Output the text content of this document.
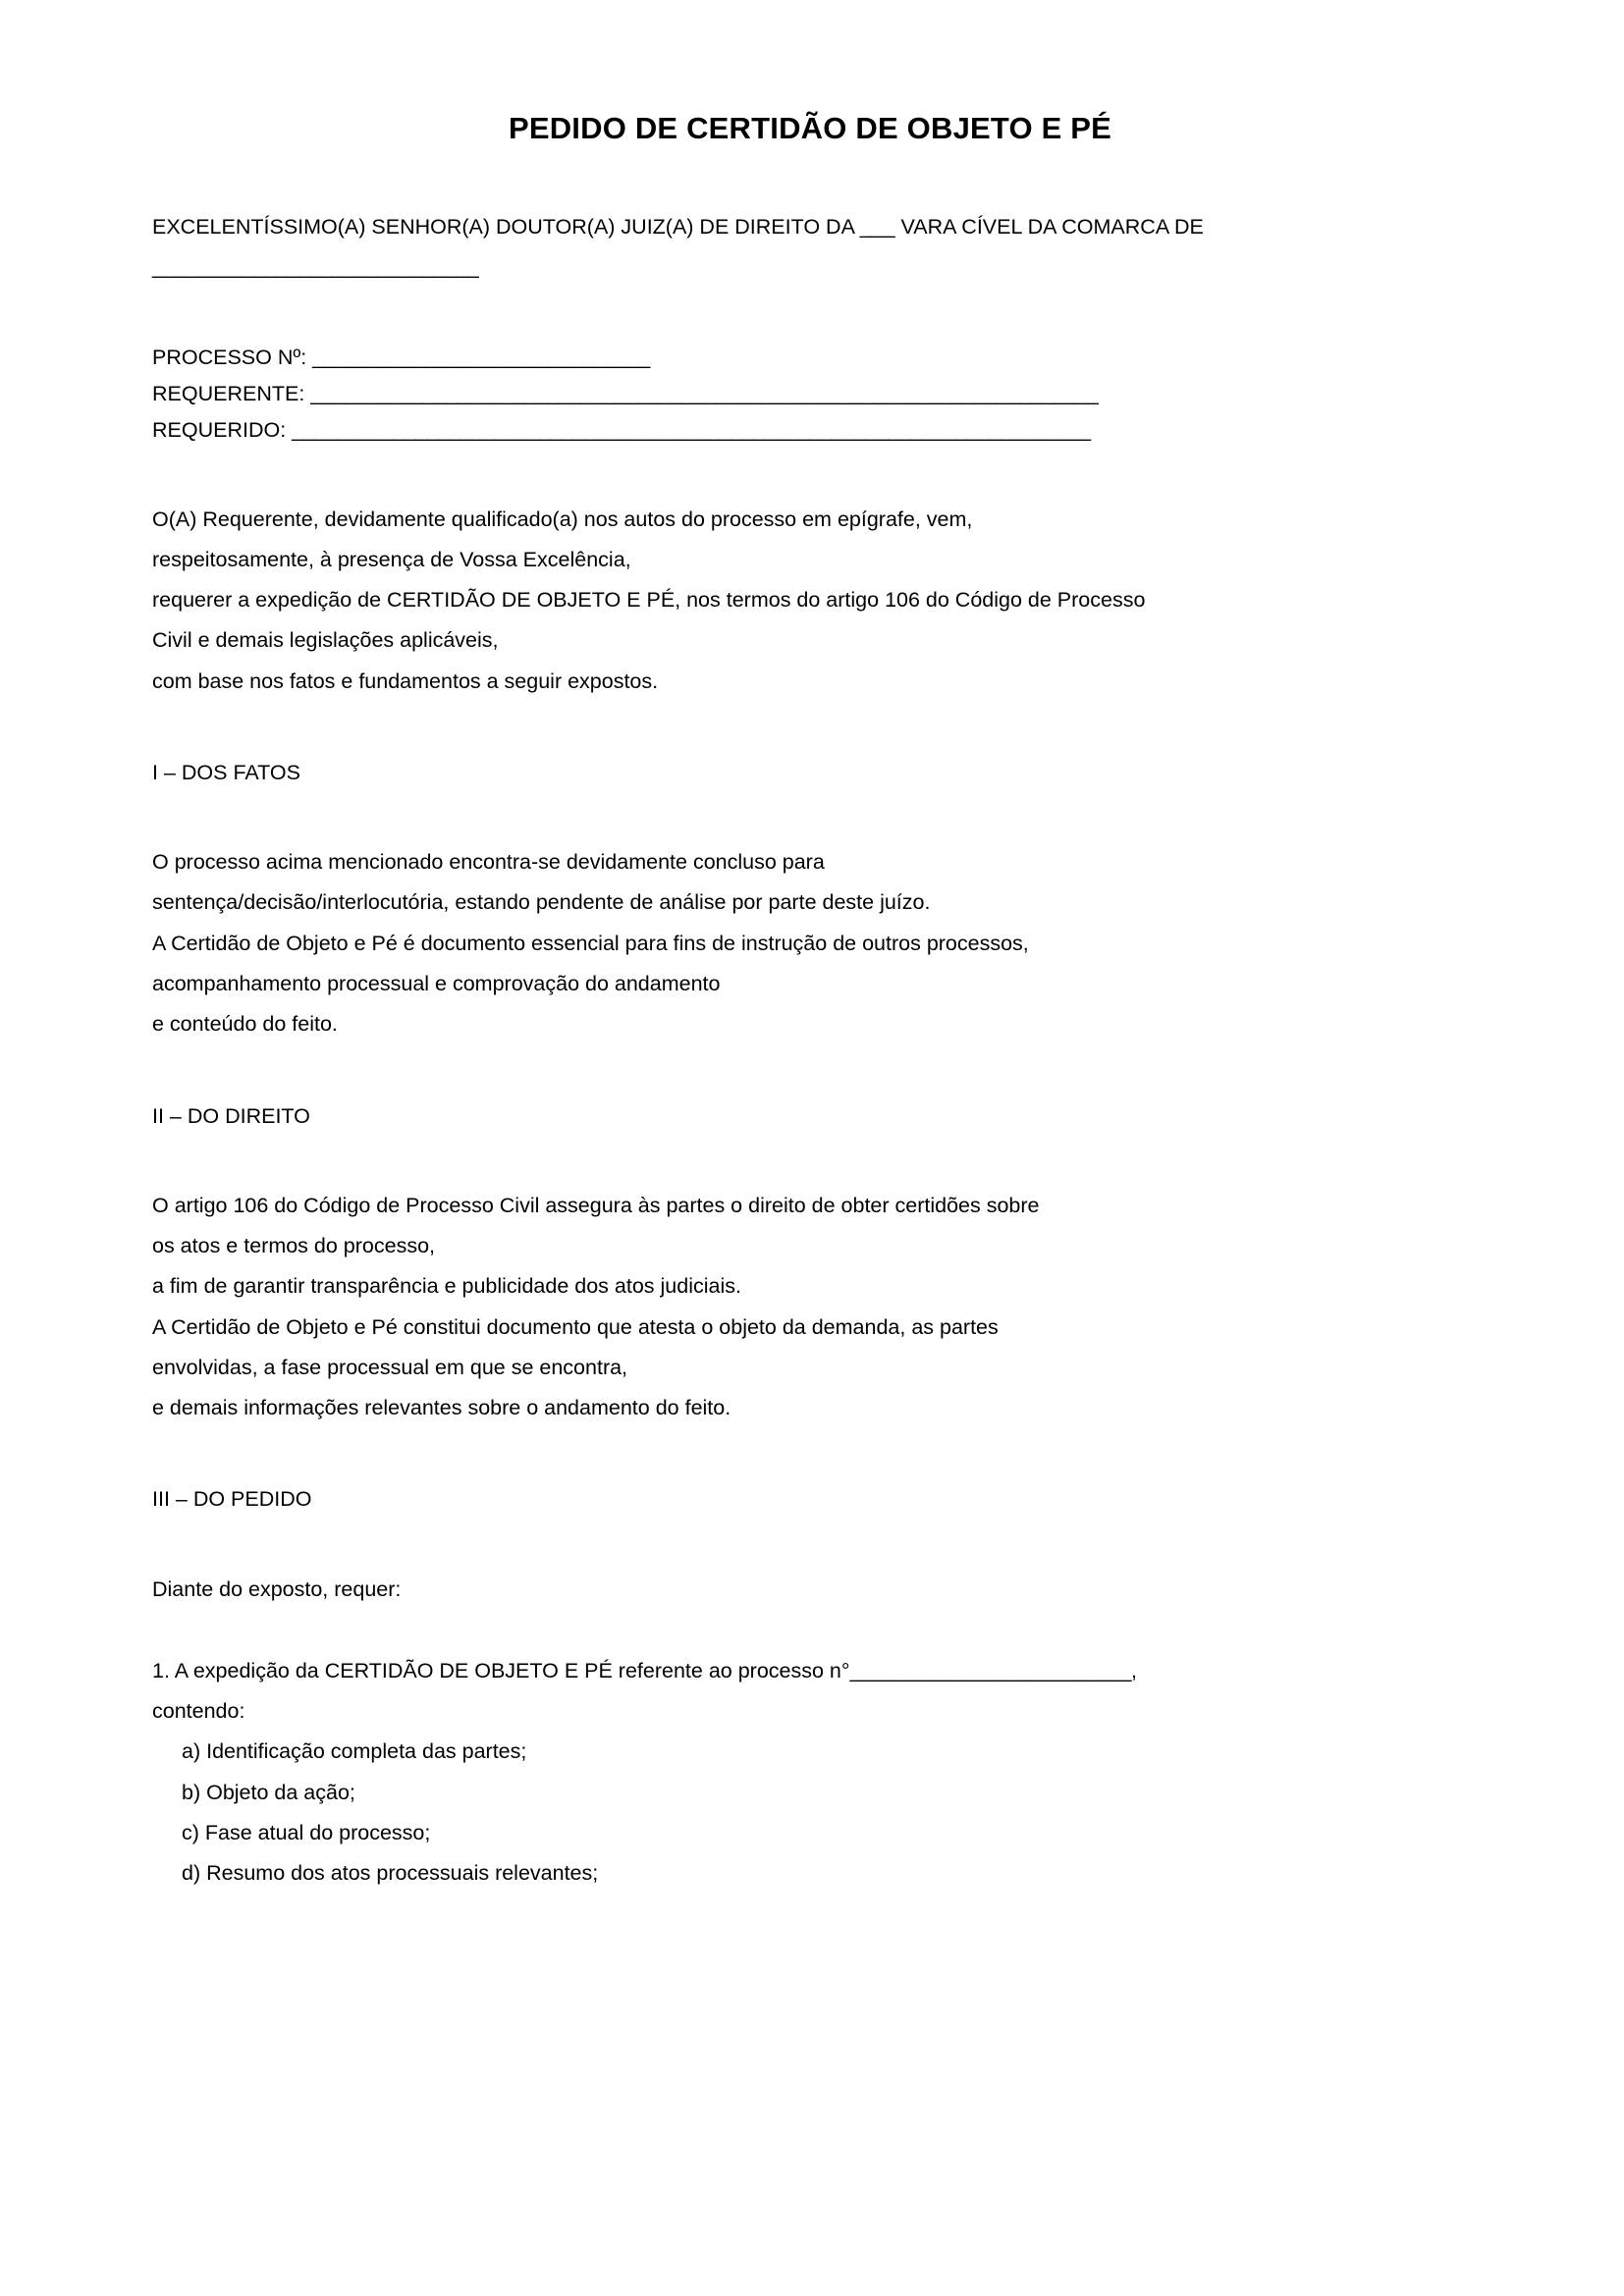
PEDIDO DE CERTIDÃO DE OBJETO E PÉ
EXCELENTÍSSIMO(A) SENHOR(A) DOUTOR(A) JUIZ(A) DE DIREITO DA ___ VARA CÍVEL DA COMARCA DE
_____________________________
PROCESSO Nº: ______________________________
REQUERENTE: ______________________________________________________________________
REQUERIDO: _______________________________________________________________________
O(A) Requerente, devidamente qualificado(a) nos autos do processo em epígrafe, vem,
respeitosamente, à presença de Vossa Excelência,
requerer a expedição de CERTIDÃO DE OBJETO E PÉ, nos termos do artigo 106 do Código de Processo
Civil e demais legislações aplicáveis,
com base nos fatos e fundamentos a seguir expostos.
I – DOS FATOS
O processo acima mencionado encontra-se devidamente concluso para
sentença/decisão/interlocutória, estando pendente de análise por parte deste juízo.
A Certidão de Objeto e Pé é documento essencial para fins de instrução de outros processos,
acompanhamento processual e comprovação do andamento
e conteúdo do feito.
II – DO DIREITO
O artigo 106 do Código de Processo Civil assegura às partes o direito de obter certidões sobre
os atos e termos do processo,
a fim de garantir transparência e publicidade dos atos judiciais.
A Certidão de Objeto e Pé constitui documento que atesta o objeto da demanda, as partes
envolvidas, a fase processual em que se encontra,
e demais informações relevantes sobre o andamento do feito.
III – DO PEDIDO
Diante do exposto, requer:
1. A expedição da CERTIDÃO DE OBJETO E PÉ referente ao processo n°_________________________,
contendo:
a) Identificação completa das partes;
b) Objeto da ação;
c) Fase atual do processo;
d) Resumo dos atos processuais relevantes;
